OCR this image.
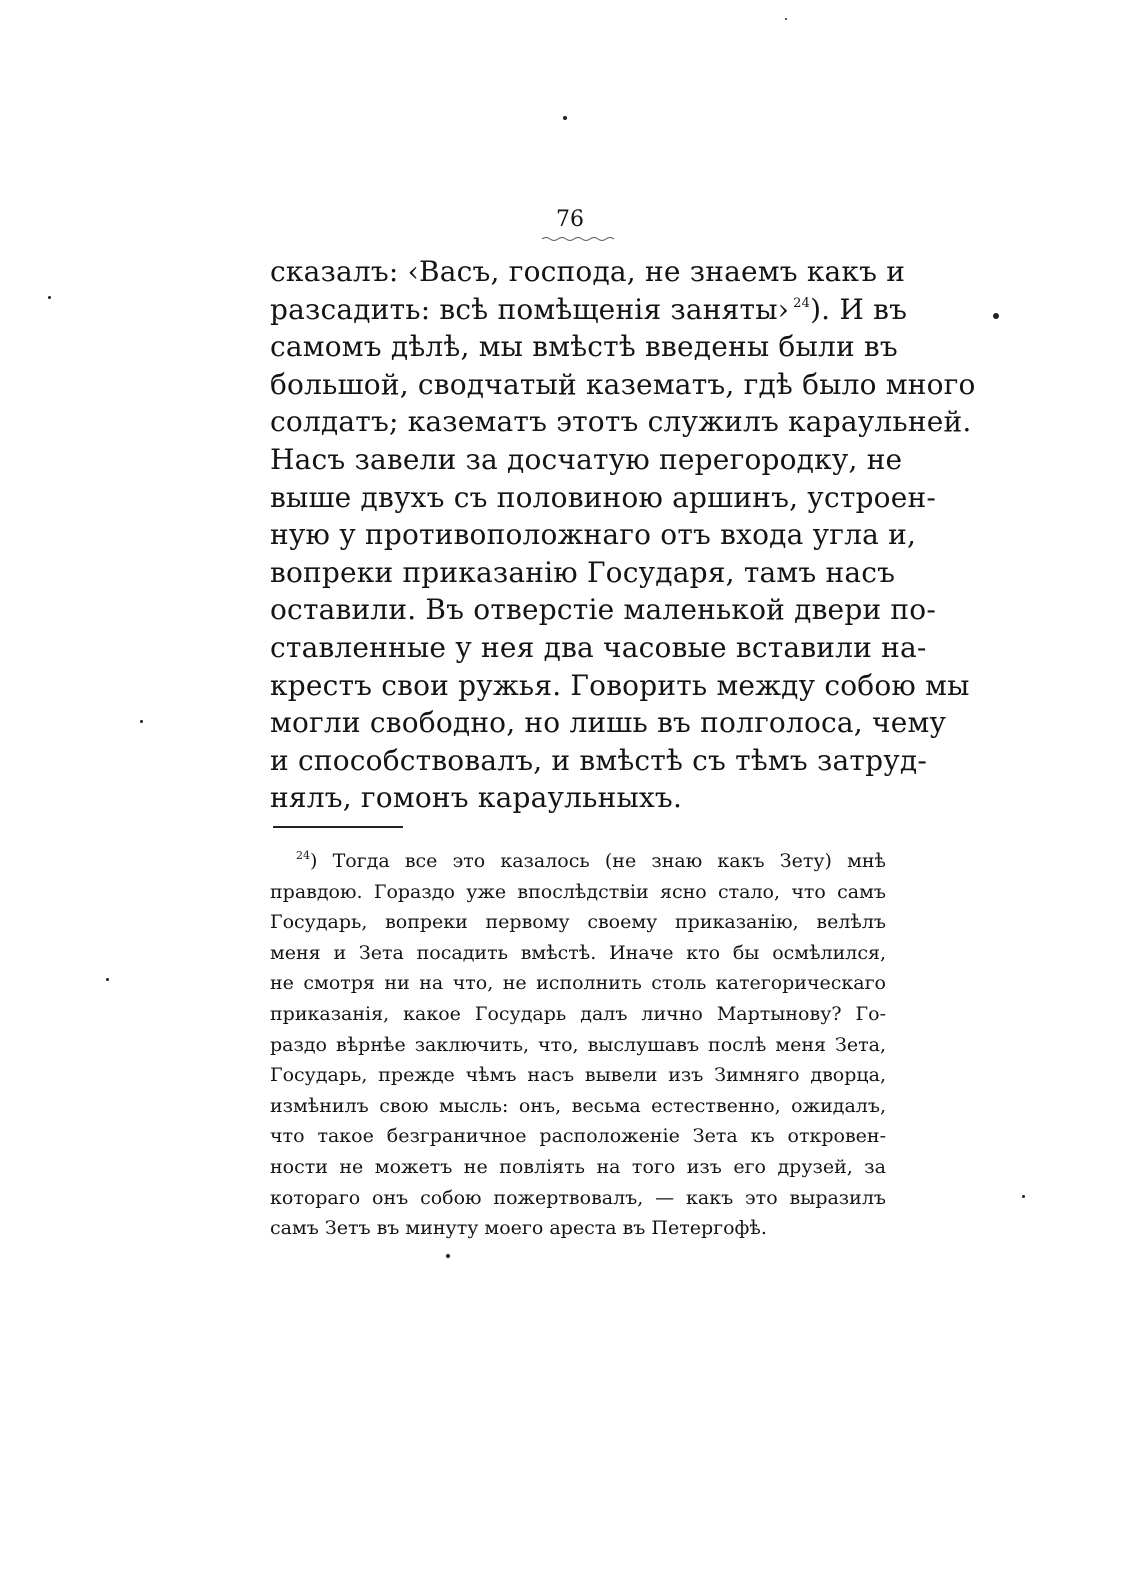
76
сказалъ: ‹Васъ, господа, не знаемъ какъ и
разсадить: всѣ помѣщенія заняты› $^{24}$). И въ
самомъ дѣлѣ, мы вмѣстѣ введены были въ
большой, сводчатый казематъ, гдѣ было много
солдатъ; казематъ этотъ служилъ караульней.
Насъ завели за досчатую перегородку, не
выше двухъ съ половиною аршинъ, устроен-
ную у противоположнаго отъ входа угла и,
вопреки приказанію Государя, тамъ насъ
оставили. Въ отверстіе маленькой двери по-
ставленные у нея два часовые вставили на-
крестъ свои ружья. Говорить между собою мы
могли свободно, но лишь въ полголоса, чему
и способствовалъ, и вмѣстѣ съ тѣмъ затруд-
нялъ, гомонъ караульныхъ.
$^{24}$) Тогда все это казалось (не знаю какъ Зету) мнѣ
правдою. Гораздо уже впослѣдствіи ясно стало, что самъ
Государь, вопреки первому своему приказанію, велѣлъ
меня и Зета посадить вмѣстѣ. Иначе кто бы осмѣлился,
не смотря ни на что, не исполнить столь категорическаго
приказанія, какое Государь далъ лично Мартынову? Го-
раздо вѣрнѣе заключить, что, выслушавъ послѣ меня Зета,
Государь, прежде чѣмъ насъ вывели изъ Зимняго дворца,
измѣнилъ свою мысль: онъ, весьма естественно, ожидалъ,
что такое безграничное расположеніе Зета къ откровен-
ности не можетъ не повліять на того изъ его друзей, за
котораго онъ собою пожертвовалъ, — какъ это выразилъ
самъ Зетъ въ минуту моего ареста въ Петергофѣ.
